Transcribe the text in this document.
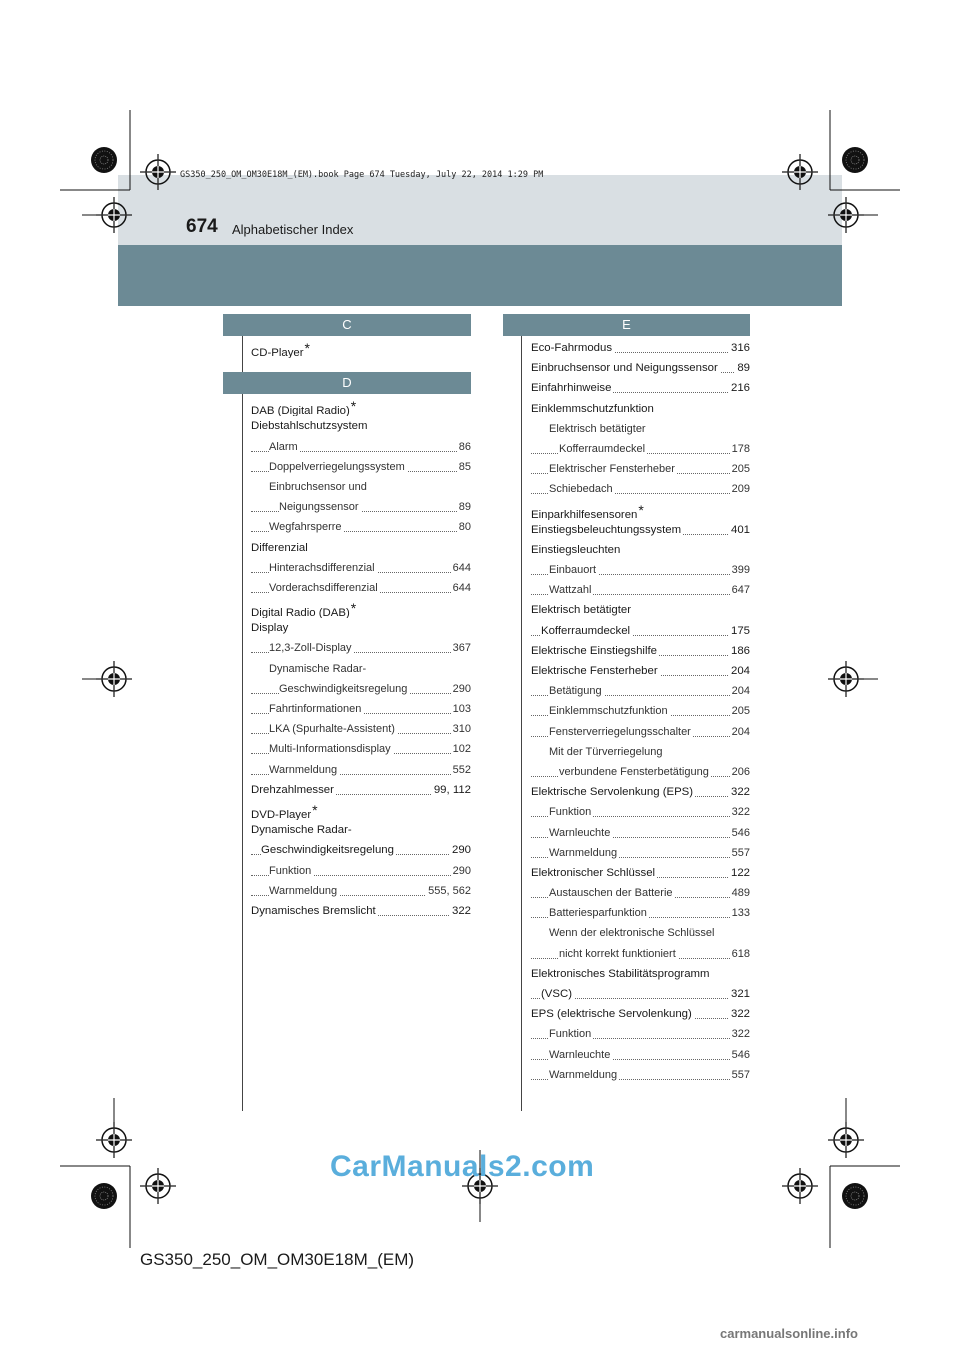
GS350_250_OM_OM30E18M_(EM).book Page 674 Tuesday, July 22, 2014 1:29 PM
674 Alphabetischer Index
C
CD-Player*
D
DAB (Digital Radio)*
Diebstahlschutzsystem
Alarm	86
Doppelverriegelungssystem	85
Einbruchsensor und
Neigungssensor	89
Wegfahrsperre	80
Differenzial
Hinterachsdifferenzial	644
Vorderachsdifferenzial	644
Digital Radio (DAB)*
Display
12,3-Zoll-Display	367
Dynamische Radar-
Geschwindigkeitsregelung	290
Fahrtinformationen	103
LKA (Spurhalte-Assistent)	310
Multi-Informationsdisplay	102
Warnmeldung	552
Drehzahlmesser	99, 112
DVD-Player*
Dynamische Radar-
Geschwindigkeitsregelung	290
Funktion	290
Warnmeldung	555, 562
Dynamisches Bremslicht	322
E
Eco-Fahrmodus	316
Einbruchsensor und Neigungssensor 89
Einfahrhinweise	216
Einklemmschutzfunktion
Elektrisch betätigter
Kofferraumdeckel	178
Elektrischer Fensterheber	205
Schiebedach	209
Einparkhilfesensoren*
Einstiegsbeleuchtungssystem	401
Einstiegsleuchten
Einbauort	399
Wattzahl	647
Elektrisch betätigter
Kofferraumdeckel	175
Elektrische Einstiegshilfe	186
Elektrische Fensterheber	204
Betätigung	204
Einklemmschutzfunktion	205
Fensterverriegelungsschalter	204
Mit der Türverriegelung
verbundene Fensterbetätigung 206
Elektrische Servolenkung (EPS)	322
Funktion	322
Warnleuchte	546
Warnmeldung	557
Elektronischer Schlüssel	122
Austauschen der Batterie	489
Batteriesparfunktion	133
Wenn der elektronische Schlüssel
nicht korrekt funktioniert	618
Elektronisches Stabilitätsprogramm
(VSC)	321
EPS (elektrische Servolenkung)	322
Funktion	322
Warnleuchte	546
Warnmeldung	557
GS350_250_OM_OM30E18M_(EM)
CarManuals2.com
carmanualsonline.info
